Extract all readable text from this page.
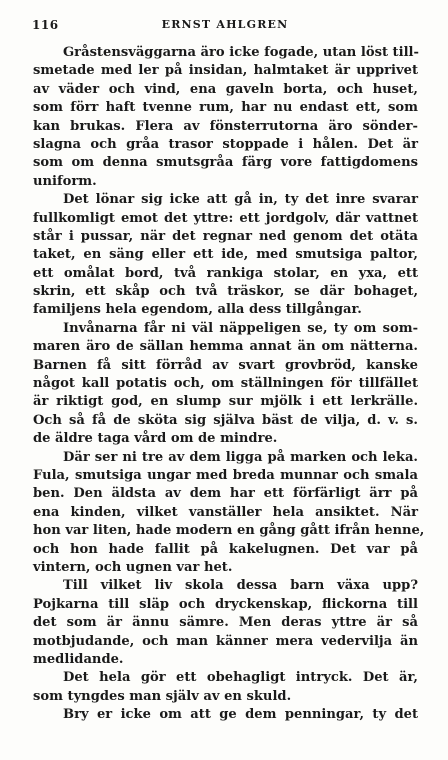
116	ERNST AHLGREN
Gråstensväggarna äro icke fogade, utan löst till-
smetade med ler på insidan, halmtaket är upprivet
av väder och vind, ena gaveln borta, och huset,
som förr haft tvenne rum, har nu endast ett, som
kan brukas. Flera av fönsterrutorna äro sönder-
slagna och gråa trasor stoppade i hålen. Det är
som om denna smutsgråa färg vore fattigdomens
uniform.
Det lönar sig icke att gå in, ty det inre svarar
fullkomligt emot det yttre: ett jordgolv, där vattnet
står i pussar, när det regnar ned genom det otäta
taket, en säng eller ett ide, med smutsiga paltor,
ett omålat bord, två rankiga stolar, en yxa, ett
skrin, ett skåp och två träskor, se där bohaget,
familjens hela egendom, alla dess tillgångar.
Invånarna får ni väl näppeligen se, ty om som-
maren äro de sällan hemma annat än om nätterna.
Barnen få sitt förråd av svart grovbröd, kanske
något kall potatis och, om ställningen för tillfället
är riktigt god, en slump sur mjölk i ett lerkrälle.
Och så få de sköta sig själva bäst de vilja, d. v. s.
de äldre taga vård om de mindre.
Där ser ni tre av dem ligga på marken och leka.
Fula, smutsiga ungar med breda munnar och smala
ben. Den äldsta av dem har ett förfärligt ärr på
ena kinden, vilket vanställer hela ansiktet. När
hon var liten, hade modern en gång gått ifrån henne,
och hon hade fallit på kakelugnen. Det var på
vintern, och ugnen var het.
Till vilket liv skola dessa barn växa upp?
Pojkarna till släp och dryckenskap, flickorna till
det som är ännu sämre. Men deras yttre är så
motbjudande, och man känner mera vedervilja än
medlidande.
Det hela gör ett obehagligt intryck. Det är,
som tyngdes man själv av en skuld.
Bry er icke om att ge dem penningar, ty det
